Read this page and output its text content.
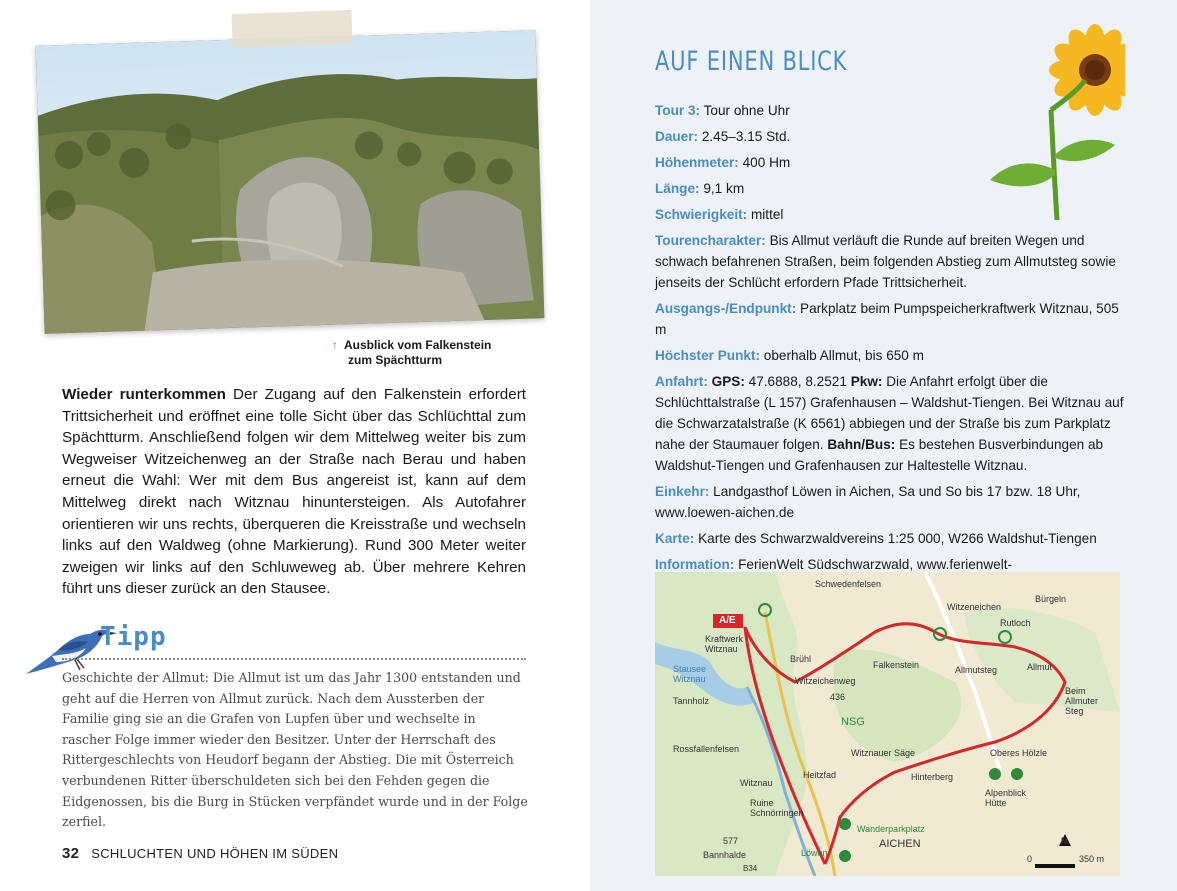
↑ Ausblick vom Falkenstein
zum Spächtturm
Wieder runterkommen Der Zugang auf den Falkenstein erfordert Trittsicherheit und eröffnet eine tolle Sicht über das Schlüchttal zum Spächtturm. Anschließend folgen wir dem Mittelweg weiter bis zum Wegweiser Witzeichenweg an der Straße nach Berau und haben erneut die Wahl: Wer mit dem Bus angereist ist, kann auf dem Mittelweg direkt nach Witznau hinuntersteigen. Als Autofahrer orientieren wir uns rechts, überqueren die Kreisstraße und wechseln links auf den Waldweg (ohne Markierung). Rund 300 Meter weiter zweigen wir links auf den Schluweweg ab. Über mehrere Kehren führt uns dieser zurück an den Stausee.
Tipp
Geschichte der Allmut: Die Allmut ist um das Jahr 1300 entstanden und geht auf die Herren von Allmut zurück. Nach dem Aussterben der Familie ging sie an die Grafen von Lupfen über und wechselte in rascher Folge immer wieder den Besitzer. Unter der Herrschaft des Rittergeschlechts von Heudorf begann der Abstieg. Die mit Österreich verbundenen Ritter überschuldeten sich bei den Fehden gegen die Eidgenossen, bis die Burg in Stücken verpfändet wurde und in der Folge zerfiel.
32 SCHLUCHTEN UND HÖHEN IM SÜDEN
AUF EINEN BLICK
Tour 3: Tour ohne Uhr
Dauer: 2.45–3.15 Std.
Höhenmeter: 400 Hm
Länge: 9,1 km
Schwierigkeit: mittel
Tourencharakter: Bis Allmut verläuft die Runde auf breiten Wegen und schwach befahrenen Straßen, beim folgenden Abstieg zum Allmutsteg sowie jenseits der Schlücht erfordern Pfade Trittsicherheit.
Ausgangs-/Endpunkt: Parkplatz beim Pumpspeicherkraftwerk Witznau, 505 m
Höchster Punkt: oberhalb Allmut, bis 650 m
Anfahrt: GPS: 47.6888, 8.2521 Pkw: Die Anfahrt erfolgt über die Schlüchttalstraße (L 157) Grafenhausen – Waldshut-Tiengen. Bei Witznau auf die Schwarzatalstraße (K 6561) abbiegen und der Straße bis zum Parkplatz nahe der Staumauer folgen. Bahn/Bus: Es bestehen Busverbindungen ab Waldshut-Tiengen und Grafenhausen zur Haltestelle Witznau.
Einkehr: Landgasthof Löwen in Aichen, Sa und So bis 17 bzw. 18 Uhr, www.loewen-aichen.de
Karte: Karte des Schwarzwaldvereins 1:25 000, W266 Waldshut-Tiengen
Information: FerienWelt Südschwarzwald, www.ferienwelt-
A/E
Schwedenfelsen
Witzeneichen
Bürgeln
Rutloch
Kraftwerk Witznau
Brühl
Falkenstein	Allmutsteg	Allmut
Stausee Witznau	Witzeichenweg
Beim Allmuter Steg
Tannholz	436
NSG
Rossfallenfelsen	Witznauer Säge	Oberes Hölzle
Witznau
Hinterberg
Heitzfad
Alpenblick Hütte
Ruine Schnörringen
577
Wanderparkplatz
AICHEN
Löwen
Bannhalde
B34
N
0	350 m
